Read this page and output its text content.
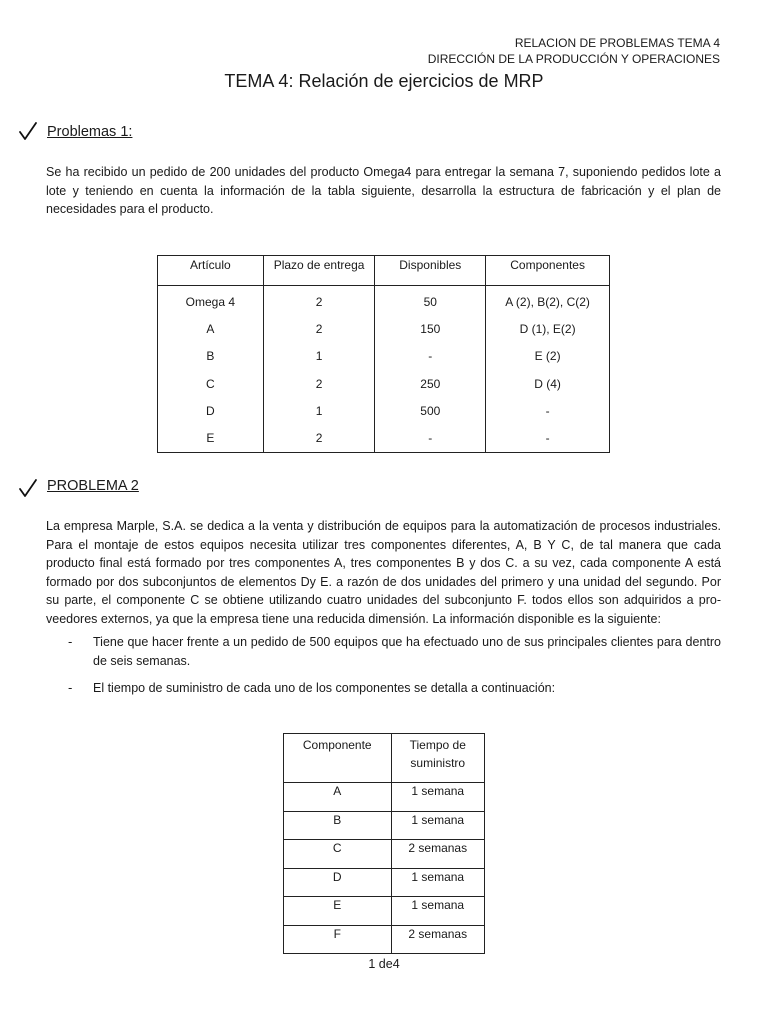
RELACION DE PROBLEMAS TEMA 4
DIRECCIÓN DE LA PRODUCCIÓN Y OPERACIONES
TEMA 4: Relación de ejercicios de MRP
Problemas 1:
Se ha recibido un pedido de 200 unidades del producto Omega4 para entregar la semana 7, suponiendo pedidos lote a lote y teniendo en cuenta la información de la tabla siguiente, desarrolla la estructura de fabricación y el plan de necesidades para el producto.
Artículo	Plazo de entrega	Disponibles	Componentes
Omega 4	2	50	A (2), B(2), C(2)
A	2	150	D (1), E(2)
B	1	-	E (2)
C	2	250	D (4)
D	1	500	-
E	2	-	-
PROBLEMA 2
La empresa Marple, S.A. se dedica a la venta y distribución de equipos para la automatización de procesos industriales. Para el montaje de estos equipos necesita utilizar tres componentes diferentes, A, B Y C, de tal manera que cada producto final está formado por tres componentes A, tres componentes B y dos C. a su vez, cada componente A está formado por dos subconjuntos de elementos Dy E. a razón de dos unidades del primero y una unidad del segundo. Por su parte, el componente C se obtiene utilizando cuatro unidades del subconjunto F. todos ellos son adquiridos a pro-veedores externos, ya que la empresa tiene una reducida dimensión. La información disponible es la siguiente:
- Tiene que hacer frente a un pedido de 500 equipos que ha efectuado uno de sus principales clientes para dentro de seis semanas.
- El tiempo de suministro de cada uno de los componentes se detalla a continuación:
Componente	Tiempo de suministro
A	1 semana
B	1 semana
C	2 semanas
D	1 semana
E	1 semana
F	2 semanas
1 de4
